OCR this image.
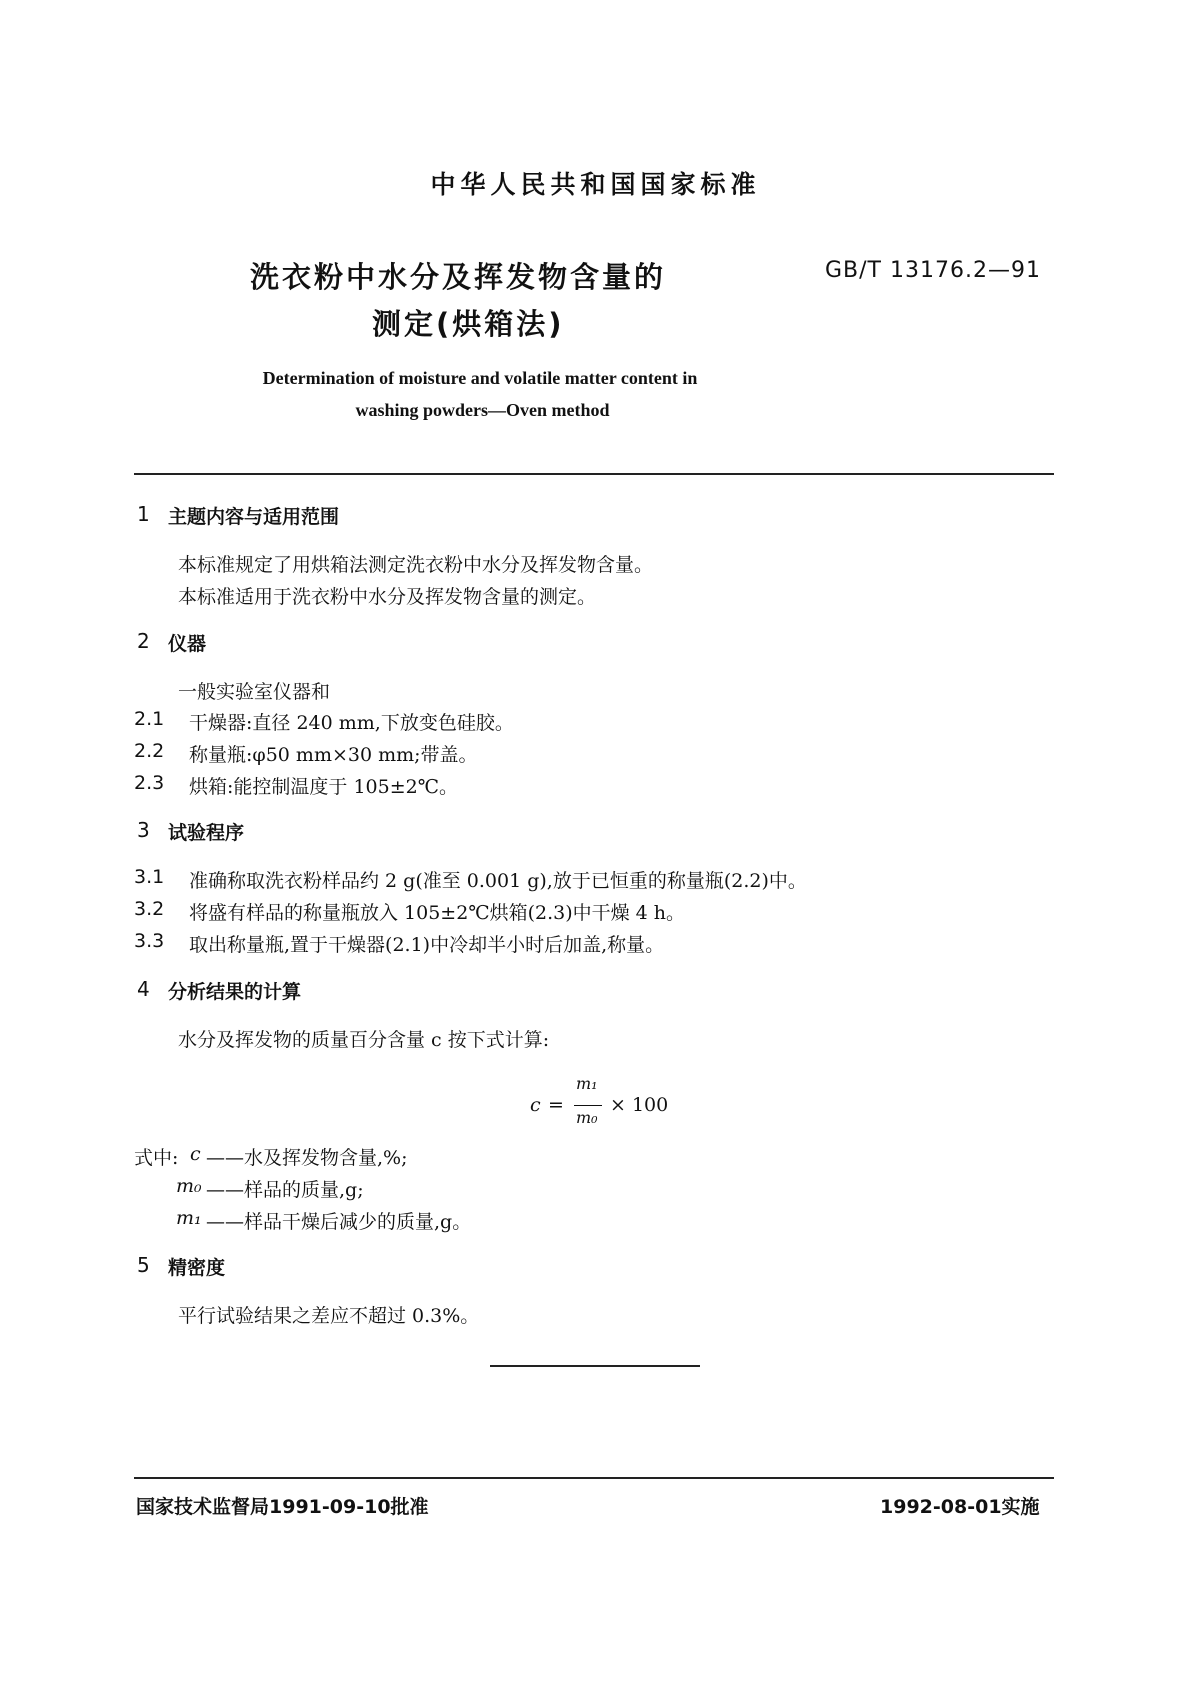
中华人民共和国国家标准
洗衣粉中水分及挥发物含量的
测定(烘箱法)
GB/T 13176.2—91
Determination of moisture and volatile matter content in
washing powders—Oven method
1 主题内容与适用范围
本标准规定了用烘箱法测定洗衣粉中水分及挥发物含量。
本标准适用于洗衣粉中水分及挥发物含量的测定。
2 仪器
一般实验室仪器和
2.1 干燥器:直径 240 mm,下放变色硅胶。
2.2 称量瓶:φ50 mm×30 mm;带盖。
2.3 烘箱:能控制温度于 105±2℃。
3 试验程序
3.1 准确称取洗衣粉样品约 2 g(准至 0.001 g),放于已恒重的称量瓶(2.2)中。
3.2 将盛有样品的称量瓶放入 105±2℃烘箱(2.3)中干燥 4 h。
3.3 取出称量瓶,置于干燥器(2.1)中冷却半小时后加盖,称量。
4 分析结果的计算
水分及挥发物的质量百分含量 c 按下式计算:
c =
m₁
m₀
× 100
式中: c ——水及挥发物含量,%;
m₀ ——样品的质量,g;
m₁ ——样品干燥后减少的质量,g。
5 精密度
平行试验结果之差应不超过 0.3%。
国家技术监督局1991-09-10批准	1992-08-01实施
